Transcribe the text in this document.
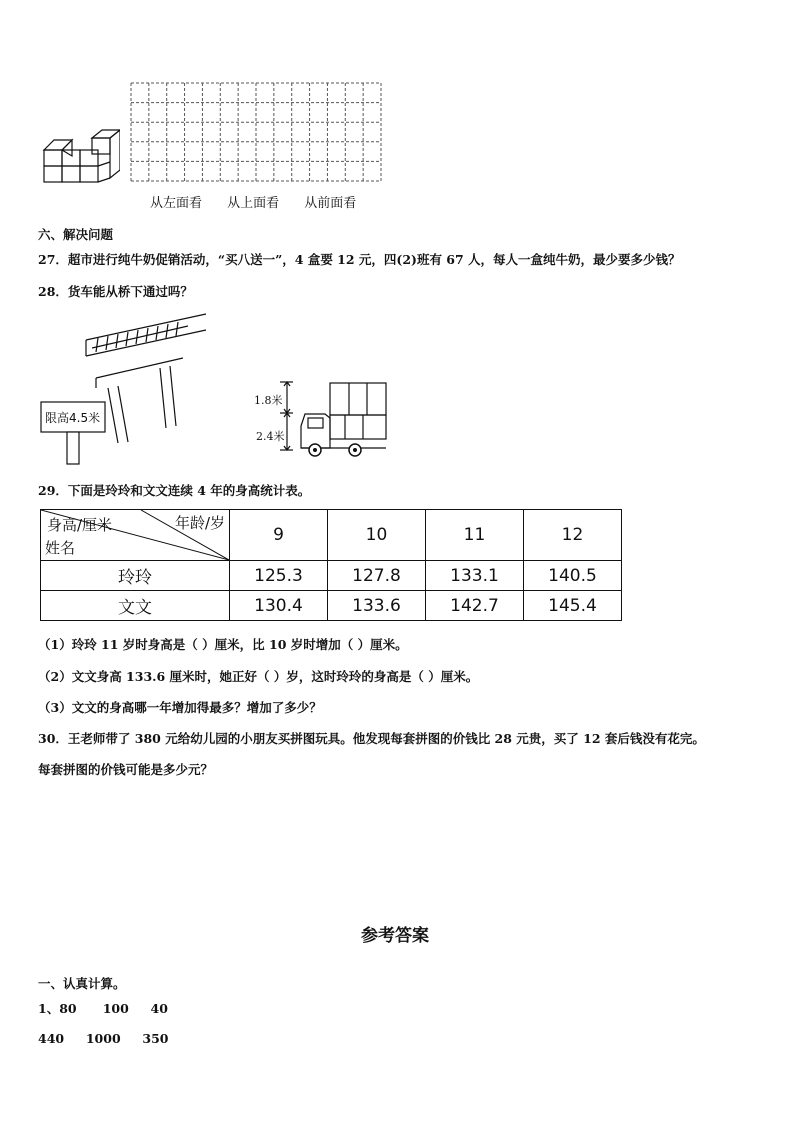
从左面看 从上面看 从前面看
六、解决问题
27．超市进行纯牛奶促销活动，“买八送一”，4 盒要 12 元，四(2)班有 67 人，每人一盒纯牛奶，最少要多少钱？
28．货车能从桥下通过吗？
限高4.5米
1.8米
2.4米
29．下面是玲玲和文文连续 4 年的身高统计表。
身高/厘米 年龄/岁
姓名	9	10	11	12
玲玲	125.3	127.8	133.1	140.5
文文	130.4	133.6	142.7	145.4
（1）玲玲 11 岁时身高是（ ）厘米，比 10 岁时增加（ ）厘米。
（2）文文身高 133.6 厘米时，她正好（ ）岁，这时玲玲的身高是（ ）厘米。
（3）文文的身高哪一年增加得最多？增加了多少？
30．王老师带了 380 元给幼儿园的小朋友买拼图玩具。他发现每套拼图的价钱比 28 元贵，买了 12 套后钱没有花完。
每套拼图的价钱可能是多少元？
参考答案
一、认真计算。
1、80      100     40
440     1000     350
